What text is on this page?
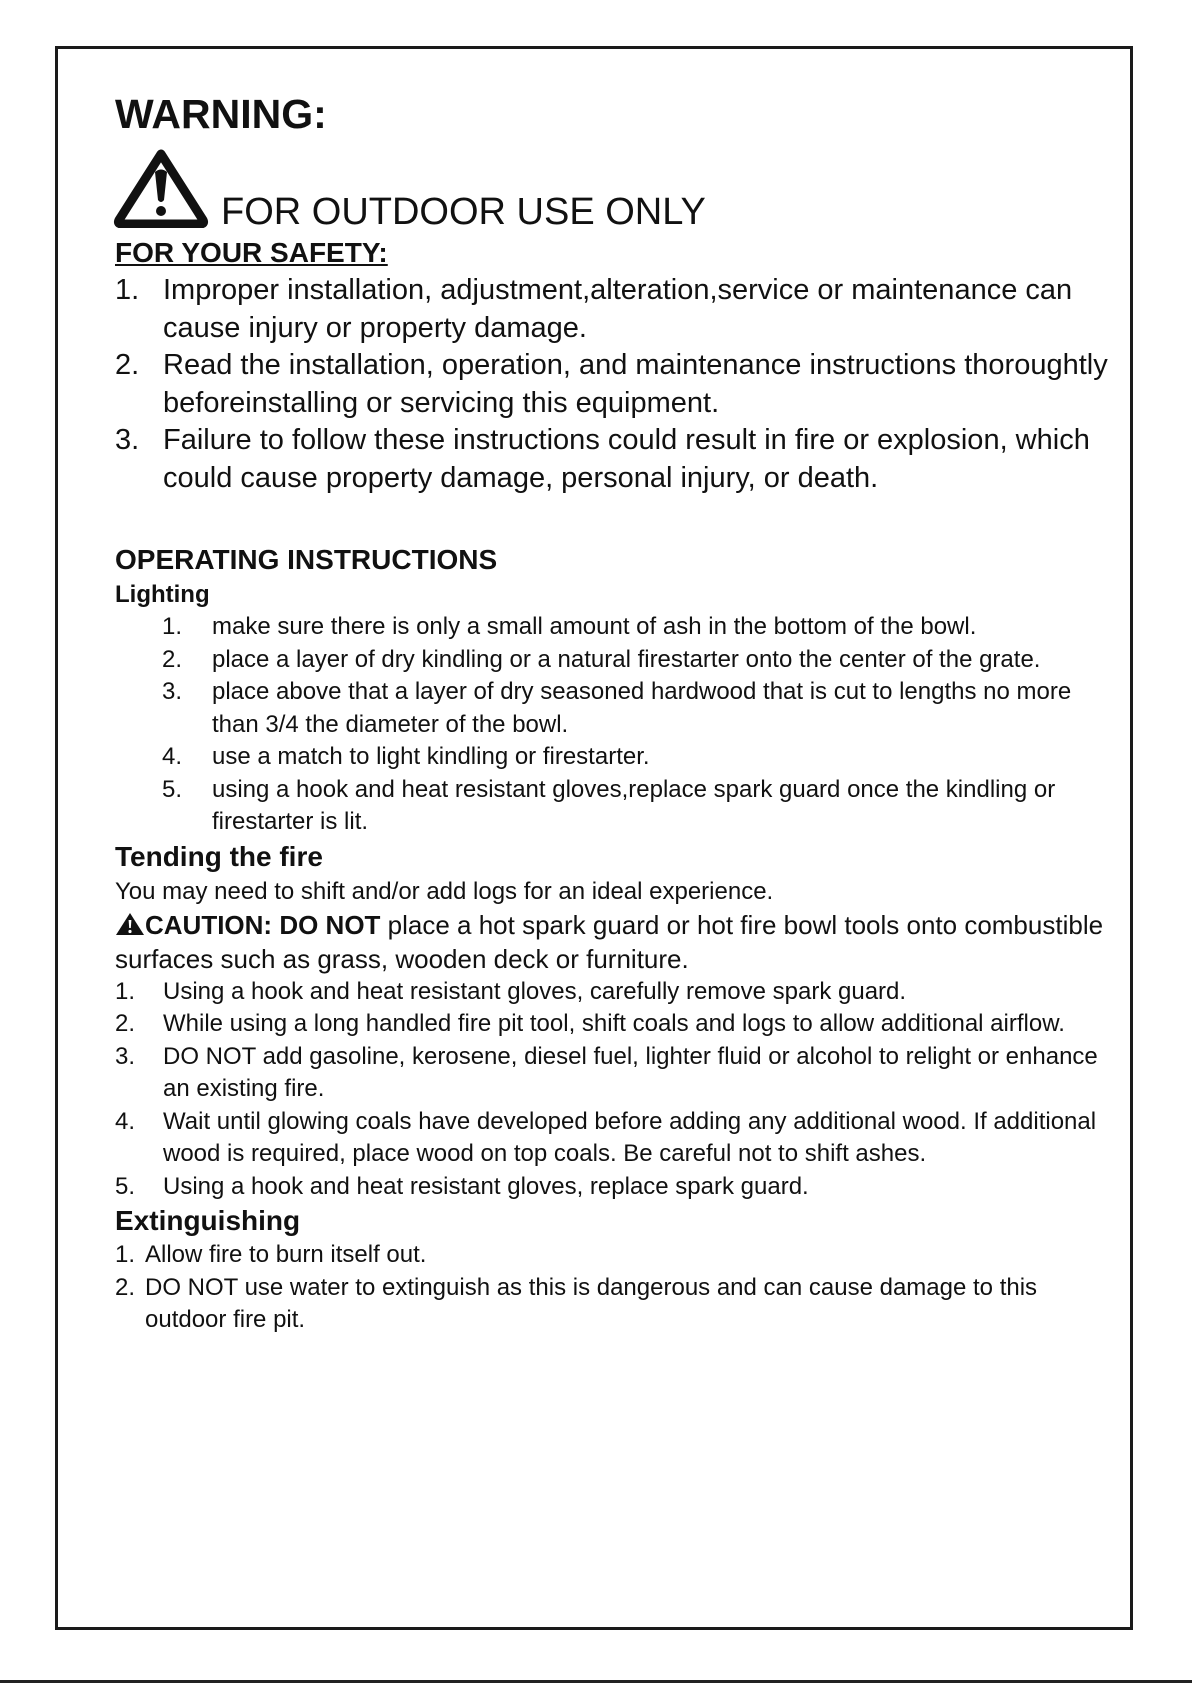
WARNING:
FOR OUTDOOR USE ONLY
FOR YOUR SAFETY:
1. Improper installation, adjustment,alteration,service or maintenance can cause injury or property damage.
2. Read the installation, operation, and maintenance instructions thoroughtly beforeinstalling or servicing this equipment.
3. Failure to follow these instructions could result in fire or explosion, which could cause property damage, personal injury, or death.
OPERATING INSTRUCTIONS
Lighting
1. make sure there is only a small amount of ash in the bottom of the bowl.
2. place a layer of dry kindling or a natural firestarter onto the center of the grate.
3. place above that a layer of dry seasoned hardwood that is cut to lengths no more than 3/4 the diameter of the bowl.
4. use a match to light kindling or firestarter.
5. using a hook and heat resistant gloves,replace spark guard once the kindling or firestarter is lit.
Tending the fire

You may need to shift and/or add logs for an ideal experience.

CAUTION: DO NOT place a hot spark guard or hot fire bowl tools onto combustible surfaces such as grass, wooden deck or furniture.

1. Using a hook and heat resistant gloves, carefully remove spark guard.
2. While using a long handled fire pit tool, shift coals and logs to allow additional airflow.
3. DO NOT add gasoline, kerosene, diesel fuel, lighter fluid or alcohol to relight or enhance an existing fire.
4. Wait until glowing coals have developed before adding any additional wood. If additional wood is required, place wood on top coals. Be careful not to shift ashes.
5. Using a hook and heat resistant gloves, replace spark guard.
Extinguishing
1. Allow fire to burn itself out.
2. DO NOT use water to extinguish as this is dangerous and can cause damage to this outdoor fire pit.
